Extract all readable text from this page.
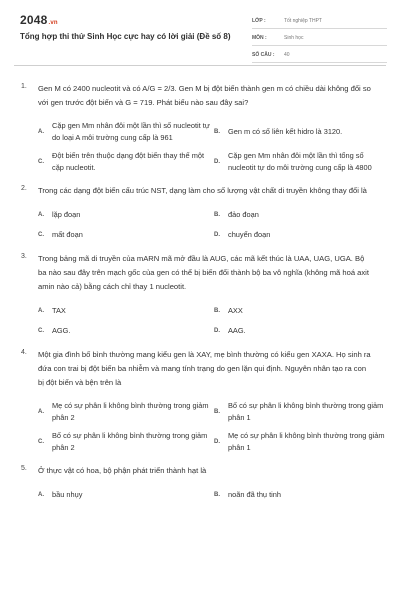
2048.vn
Tổng hợp thi thử Sinh Học cực hay có lời giải (Đề số 8)
LỚP :	Tốt nghiệp THPT
MÔN :	Sinh học
SỐ CÂU :	40
1. Gen M có 2400 nucleotit và có A/G = 2/3. Gen M bị đột biến thành gen m có chiều dài không đổi so với gen trước đột biến và G = 719. Phát biểu nào sau đây sai?
A.
Cặp gen Mm nhân đôi một lần thì số nucleotit tự do loại A môi trường cung cấp là 961
B.	Gen m có số liên kết hidro là 3120.
C.
Đột biến trên thuộc dạng đột biến thay thế một cặp nucleotit.
D.
Cặp gen Mm nhân đôi một lần thì tổng số nucleotit tự do môi trường cung cấp là 4800
2. Trong các dạng đột biến cấu trúc NST, dạng làm cho số lượng vật chất di truyền không thay đổi là
A.	lặp đoạn	B.	đảo đoạn
C.	mất đoạn	D.	chuyển đoạn
3. Trong bảng mã di truyền của mARN mã mở đầu là AUG, các mã kết thúc là UAA, UAG, UGA. Bộ ba nào sau đây trên mạch gốc của gen có thể bị biến đổi thành bộ ba vô nghĩa (không mã hoá axit amin nào cả) bằng cách chỉ thay 1 nucleotit.
A.	TAX	B.	AXX
C.	AGG.	D.	AAG.
4. Một gia đình bố bình thường mang kiểu gen là XAY, mẹ bình thường có kiểu gen XAXA. Họ sinh ra đứa con trai bị đột biến ba nhiễm và mang tính trạng do gen lặn qui định. Nguyên nhân tạo ra con bị đột biến và bện trên là
A.
Mẹ có sự phân li không bình thường trong giảm phân 2
B.
Bố có sự phân li không bình thường trong giảm phân 1
C.
Bố có sự phân li không bình thường trong giảm phân 2
D.
Mẹ có sự phân li không bình thường trong giảm phân 1
5. Ở thực vật có hoa, bộ phận phát triển thành hạt là
A.	bầu nhụy	B.	noãn đã thụ tinh
